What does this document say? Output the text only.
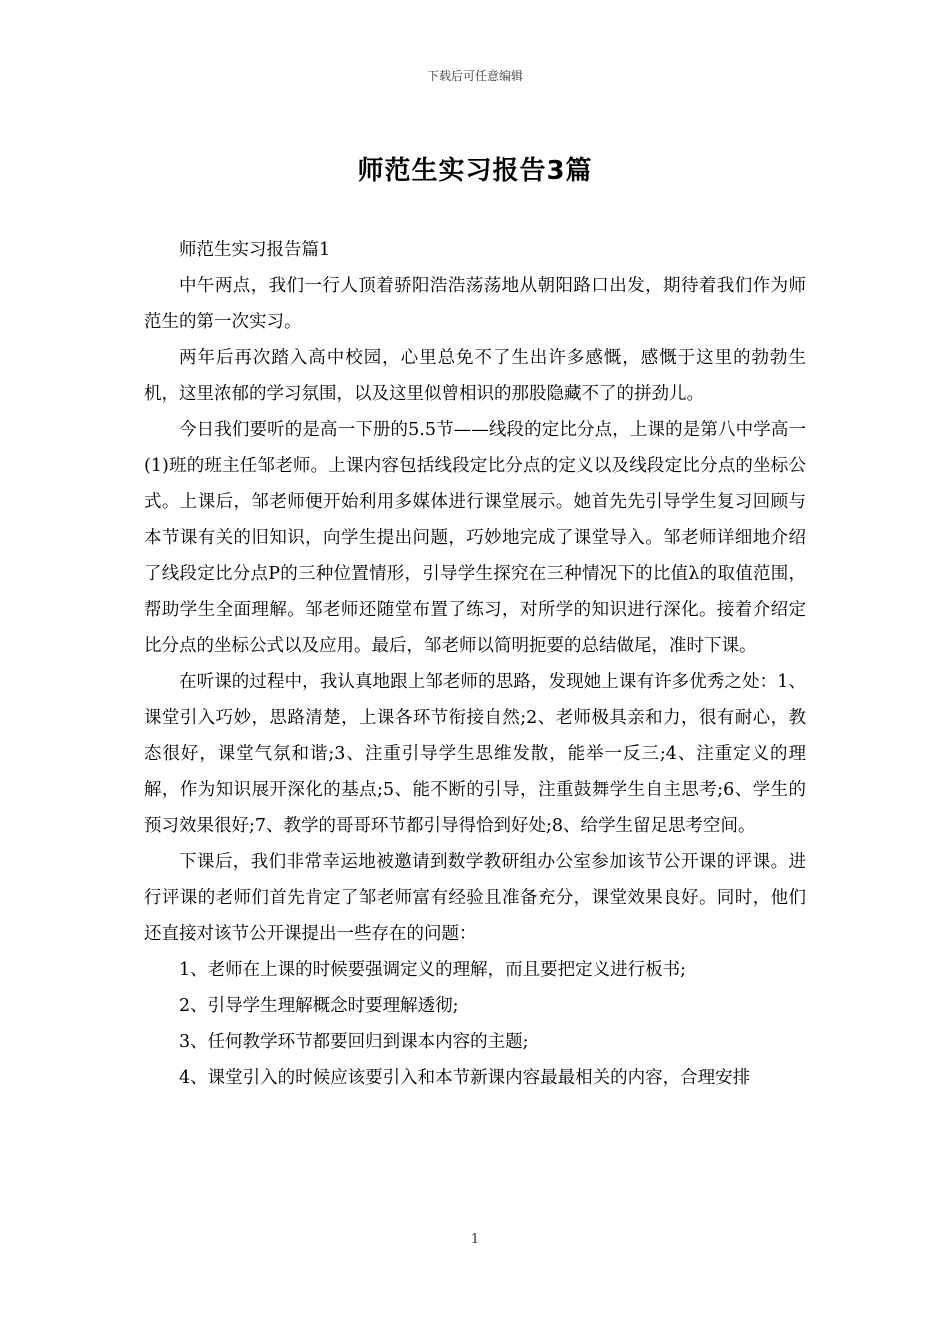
下载后可任意编辑
师范生实习报告3篇

师范生实习报告篇1

中午两点，我们一行人顶着骄阳浩浩荡荡地从朝阳路口出发，期待着我们作为师范生的第一次实习。

两年后再次踏入高中校园，心里总免不了生出许多感慨，感慨于这里的勃勃生机，这里浓郁的学习氛围，以及这里似曾相识的那股隐藏不了的拼劲儿。

今日我们要听的是高一下册的5.5节——线段的定比分点，上课的是第八中学高一(1)班的班主任邹老师。上课内容包括线段定比分点的定义以及线段定比分点的坐标公式。上课后，邹老师便开始利用多媒体进行课堂展示。她首先先引导学生复习回顾与本节课有关的旧知识，向学生提出问题，巧妙地完成了课堂导入。邹老师详细地介绍了线段定比分点P的三种位置情形，引导学生探究在三种情况下的比值λ的取值范围，帮助学生全面理解。邹老师还随堂布置了练习，对所学的知识进行深化。接着介绍定比分点的坐标公式以及应用。最后，邹老师以简明扼要的总结做尾，准时下课。

在听课的过程中，我认真地跟上邹老师的思路，发现她上课有许多优秀之处：1、课堂引入巧妙，思路清楚，上课各环节衔接自然;2、老师极具亲和力，很有耐心，教态很好，课堂气氛和谐;3、注重引导学生思维发散，能举一反三;4、注重定义的理解，作为知识展开深化的基点;5、能不断的引导，注重鼓舞学生自主思考;6、学生的预习效果很好;7、教学的哥哥环节都引导得恰到好处;8、给学生留足思考空间。

下课后，我们非常幸运地被邀请到数学教研组办公室参加该节公开课的评课。进行评课的老师们首先肯定了邹老师富有经验且准备充分，课堂效果良好。同时，他们还直接对该节公开课提出一些存在的问题：

1、老师在上课的时候要强调定义的理解，而且要把定义进行板书;

2、引导学生理解概念时要理解透彻;

3、任何教学环节都要回归到课本内容的主题;

4、课堂引入的时候应该要引入和本节新课内容最最相关的内容，合理安排

1
